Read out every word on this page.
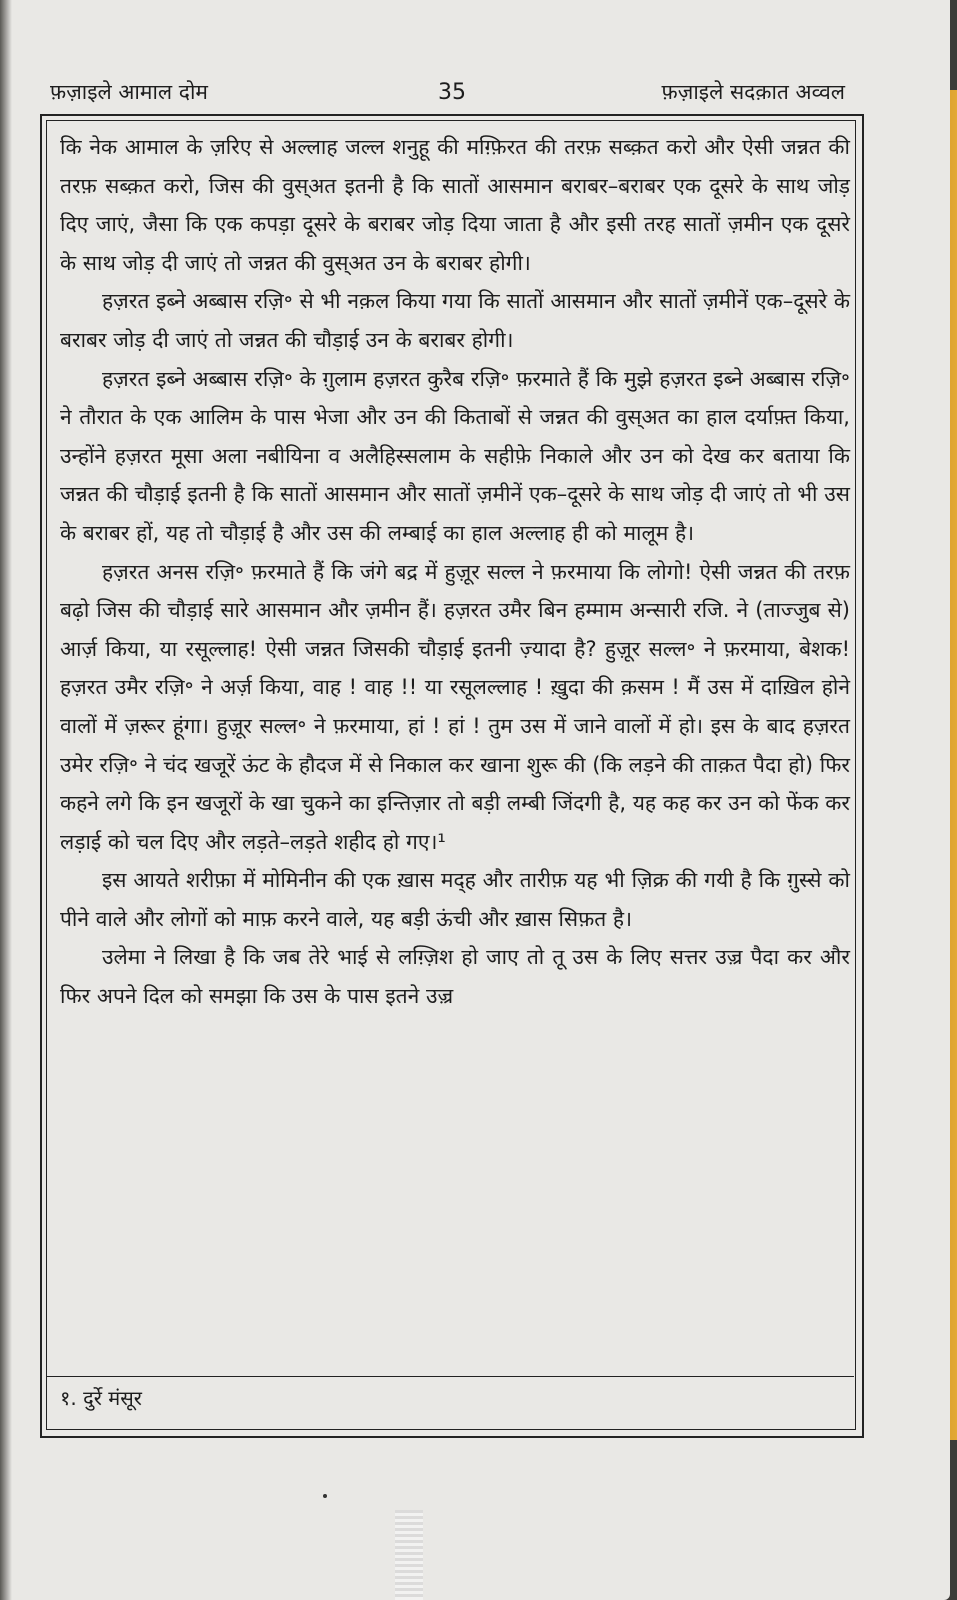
फ़ज़ाइले आमाल दोम	35	फ़ज़ाइले सदक़ात अव्वल

कि नेक आमाल के ज़रिए से अल्लाह जल्ल शनुहू की मग़्फ़िरत की तरफ़ सब्क़त करो और ऐसी जन्नत की तरफ़ सब्क़त करो, जिस की वुस्अत इतनी है कि सातों आसमान बराबर–बराबर एक दूसरे के साथ जोड़ दिए जाएं, जैसा कि एक कपड़ा दूसरे के बराबर जोड़ दिया जाता है और इसी तरह सातों ज़मीन एक दूसरे के साथ जोड़ दी जाएं तो जन्नत की वुस्अत उन के बराबर होगी।

हज़रत इब्ने अब्बास रज़ि॰ से भी नक़ल किया गया कि सातों आसमान और सातों ज़मीनें एक–दूसरे के बराबर जोड़ दी जाएं तो जन्नत की चौड़ाई उन के बराबर होगी।

हज़रत इब्ने अब्बास रज़ि॰ के ग़ुलाम हज़रत कुरैब रज़ि॰ फ़रमाते हैं कि मुझे हज़रत इब्ने अब्बास रज़ि॰ ने तौरात के एक आलिम के पास भेजा और उन की किताबों से जन्नत की वुस्अत का हाल दर्याफ़्त किया, उन्होंने हज़रत मूसा अला नबीयिना व अलैहिस्सलाम के सहीफ़े निकाले और उन को देख कर बताया कि जन्नत की चौड़ाई इतनी है कि सातों आसमान और सातों ज़मीनें एक–दूसरे के साथ जोड़ दी जाएं तो भी उस के बराबर हों, यह तो चौड़ाई है और उस की लम्बाई का हाल अल्लाह ही को मालूम है।

हज़रत अनस रज़ि॰ फ़रमाते हैं कि जंगे बद्र में हुज़ूर सल्ल ने फ़रमाया कि लोगो! ऐसी जन्नत की तरफ़ बढ़ो जिस की चौड़ाई सारे आसमान और ज़मीन हैं। हज़रत उमैर बिन हम्माम अन्सारी रजि. ने (ताज्जुब से) आर्ज़ किया, या रसूल्लाह! ऐसी जन्नत जिसकी चौड़ाई इतनी ज़्यादा है? हुज़ूर सल्ल॰ ने फ़रमाया, बेशक! हज़रत उमैर रज़ि॰ ने अर्ज़ किया, वाह ! वाह !! या रसूलल्लाह ! ख़ुदा की क़सम ! मैं उस में दाख़िल होने वालों में ज़रूर हूंगा। हुज़ूर सल्ल॰ ने फ़रमाया, हां ! हां ! तुम उस में जाने वालों में हो। इस के बाद हज़रत उमेर रज़ि॰ ने चंद खजूरें ऊंट के हौदज में से निकाल कर खाना शुरू की (कि लड़ने की ताक़त पैदा हो) फिर कहने लगे कि इन खजूरों के खा चुकने का इन्तिज़ार तो बड़ी लम्बी जिंदगी है, यह कह कर उन को फेंक कर लड़ाई को चल दिए और लड़ते–लड़ते शहीद हो गए।¹

इस आयते शरीफ़ा में मोमिनीन की एक ख़ास मद्ह और तारीफ़ यह भी ज़िक्र की गयी है कि ग़ुस्से को पीने वाले और लोगों को माफ़ करने वाले, यह बड़ी ऊंची और ख़ास सिफ़त है।

उलेमा ने लिखा है कि जब तेरे भाई से लग़्ज़िश हो जाए तो तू उस के लिए सत्तर उज़्र पैदा कर और फिर अपने दिल को समझा कि उस के पास इतने उज़्र

१. दुर्रे मंसूर
